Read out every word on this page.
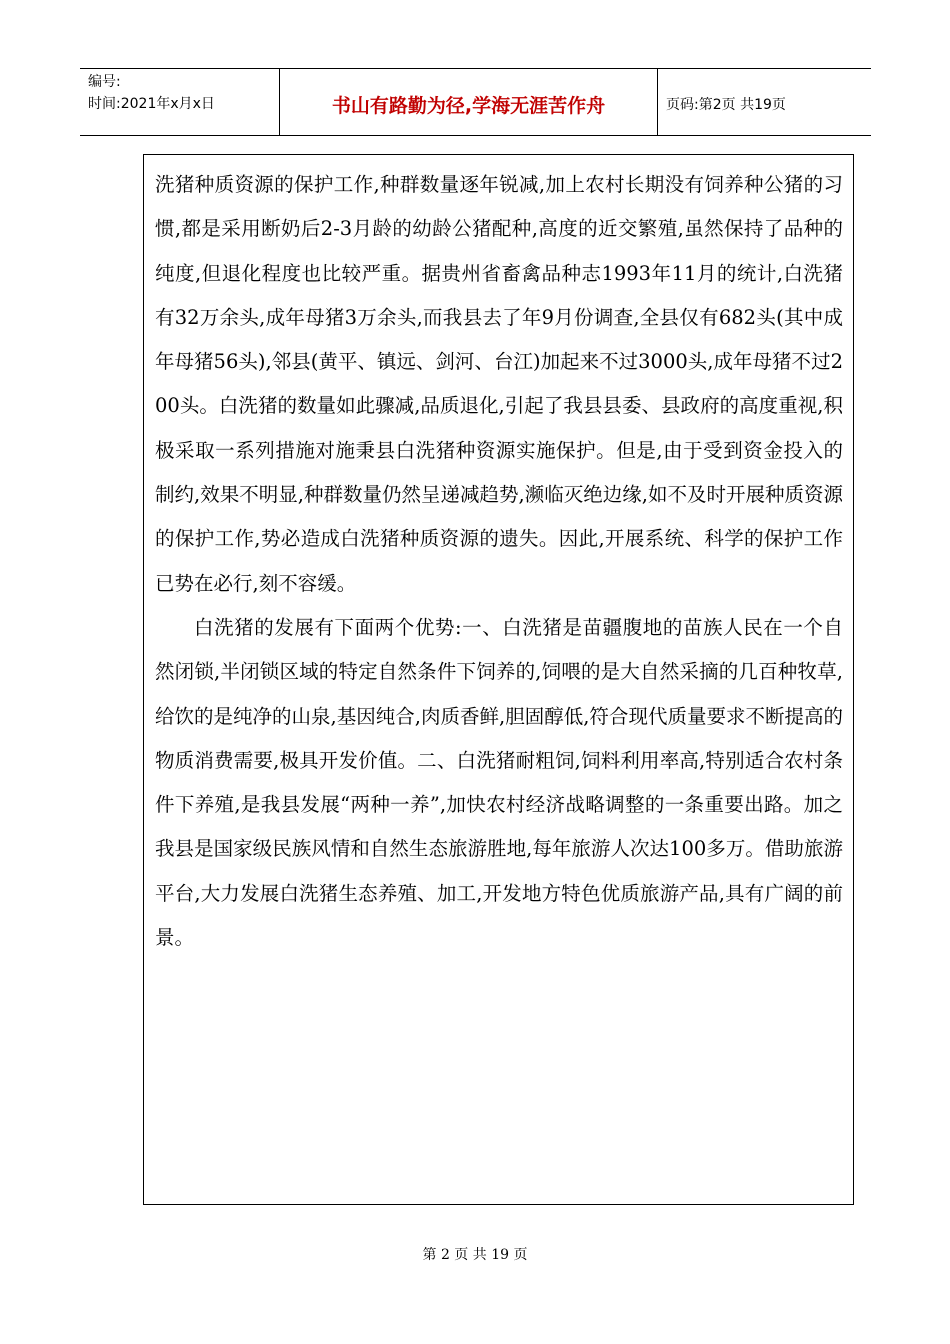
编号:
时间:2021年x月x日	书山有路勤为径,学海无涯苦作舟	页码:第2页 共19页

洗猪种质资源的保护工作,种群数量逐年锐减,加上农村长期没有饲养种公猪的习惯,都是采用断奶后2-3月龄的幼龄公猪配种,高度的近交繁殖,虽然保持了品种的纯度,但退化程度也比较严重。据贵州省畜禽品种志1993年11月的统计,白洗猪有32万余头,成年母猪3万余头,而我县去了年9月份调查,全县仅有682头(其中成年母猪56头),邻县(黄平、镇远、剑河、台江)加起来不过3000头,成年母猪不过200头。白洗猪的数量如此骤减,品质退化,引起了我县县委、县政府的高度重视,积极采取一系列措施对施秉县白洗猪种资源实施保护。但是,由于受到资金投入的制约,效果不明显,种群数量仍然呈递减趋势,濒临灭绝边缘,如不及时开展种质资源的保护工作,势必造成白洗猪种质资源的遗失。因此,开展系统、科学的保护工作已势在必行,刻不容缓。

白洗猪的发展有下面两个优势:一、白洗猪是苗疆腹地的苗族人民在一个自然闭锁,半闭锁区域的特定自然条件下饲养的,饲喂的是大自然采摘的几百种牧草,给饮的是纯净的山泉,基因纯合,肉质香鲜,胆固醇低,符合现代质量要求不断提高的物质消费需要,极具开发价值。二、白洗猪耐粗饲,饲料利用率高,特别适合农村条件下养殖,是我县发展“两种一养”,加快农村经济战略调整的一条重要出路。加之我县是国家级民族风情和自然生态旅游胜地,每年旅游人次达100多万。借助旅游平台,大力发展白洗猪生态养殖、加工,开发地方特色优质旅游产品,具有广阔的前景。

第 2 页 共 19 页
